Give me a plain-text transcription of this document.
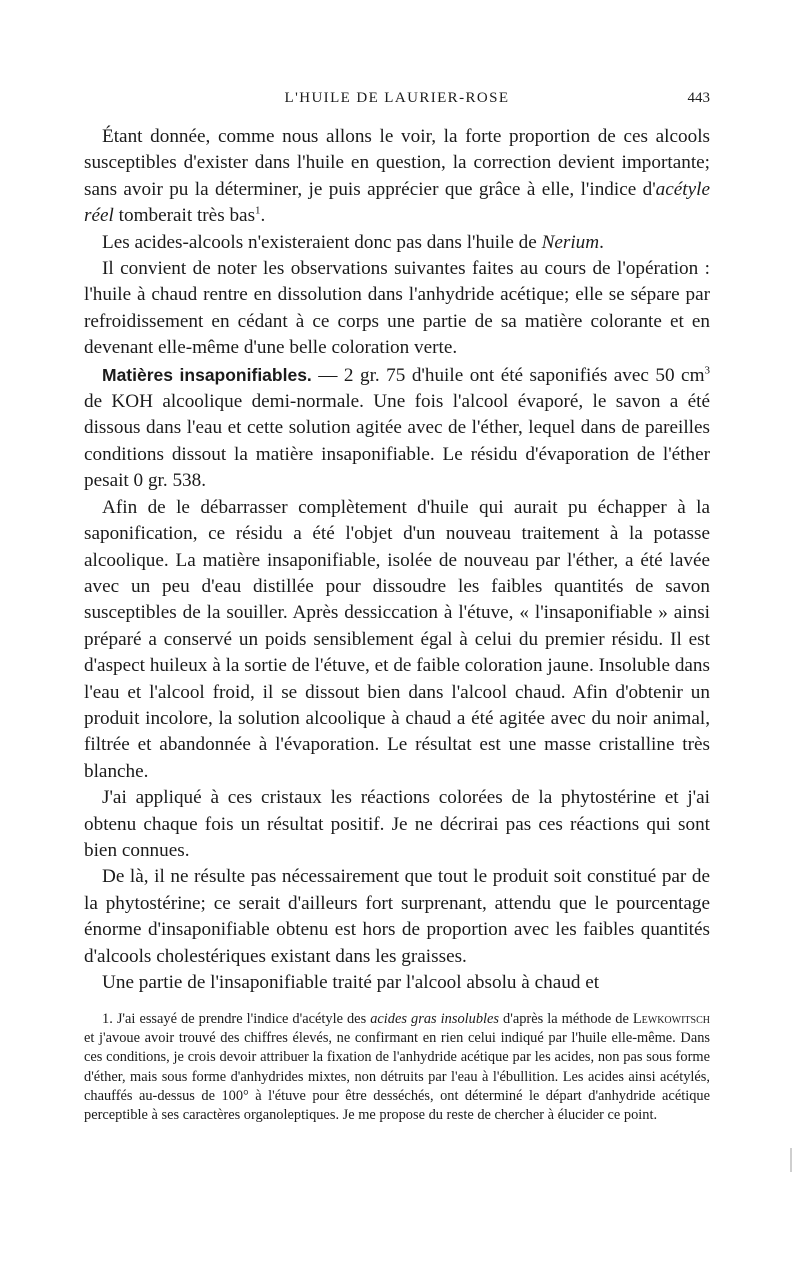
L'HUILE DE LAURIER-ROSE	443

Étant donnée, comme nous allons le voir, la forte proportion de ces alcools susceptibles d'exister dans l'huile en question, la correction devient importante; sans avoir pu la déterminer, je puis apprécier que grâce à elle, l'indice d'acétyle réel tomberait très bas$^1$.

Les acides-alcools n'existeraient donc pas dans l'huile de Nerium.

Il convient de noter les observations suivantes faites au cours de l'opération : l'huile à chaud rentre en dissolution dans l'anhydride acétique; elle se sépare par refroidissement en cédant à ce corps une partie de sa matière colorante et en devenant elle-même d'une belle coloration verte.

Matières insaponifiables. — 2 gr. 75 d'huile ont été saponifiés avec 50 $cm^3$ de KOH alcoolique demi-normale. Une fois l'alcool évaporé, le savon a été dissous dans l'eau et cette solution agitée avec de l'éther, lequel dans de pareilles conditions dissout la matière insaponifiable. Le résidu d'évaporation de l'éther pesait 0 gr. 538.

Afin de le débarrasser complètement d'huile qui aurait pu échapper à la saponification, ce résidu a été l'objet d'un nouveau traitement à la potasse alcoolique. La matière insaponifiable, isolée de nouveau par l'éther, a été lavée avec un peu d'eau distillée pour dissoudre les faibles quantités de savon susceptibles de la souiller. Après dessiccation à l'étuve, « l'insaponifiable » ainsi préparé a conservé un poids sensiblement égal à celui du premier résidu. Il est d'aspect huileux à la sortie de l'étuve, et de faible coloration jaune. Insoluble dans l'eau et l'alcool froid, il se dissout bien dans l'alcool chaud. Afin d'obtenir un produit incolore, la solution alcoolique à chaud a été agitée avec du noir animal, filtrée et abandonnée à l'évaporation. Le résultat est une masse cristalline très blanche.

J'ai appliqué à ces cristaux les réactions colorées de la phytostérine et j'ai obtenu chaque fois un résultat positif. Je ne décrirai pas ces réactions qui sont bien connues.

De là, il ne résulte pas nécessairement que tout le produit soit constitué par de la phytostérine; ce serait d'ailleurs fort surprenant, attendu que le pourcentage énorme d'insaponifiable obtenu est hors de proportion avec les faibles quantités d'alcools cholestériques existant dans les graisses.

Une partie de l'insaponifiable traité par l'alcool absolu à chaud et

1. J'ai essayé de prendre l'indice d'acétyle des acides gras insolubles d'après la méthode de Lewkowitsch et j'avoue avoir trouvé des chiffres élevés, ne confirmant en rien celui indiqué par l'huile elle-même. Dans ces conditions, je crois devoir attribuer la fixation de l'anhydride acétique par les acides, non pas sous forme d'éther, mais sous forme d'anhydrides mixtes, non détruits par l'eau à l'ébullition. Les acides ainsi acétylés, chauffés au-dessus de 100° à l'étuve pour être desséchés, ont déterminé le départ d'anhydride acétique perceptible à ses caractères organoleptiques. Je me propose du reste de chercher à élucider ce point.
